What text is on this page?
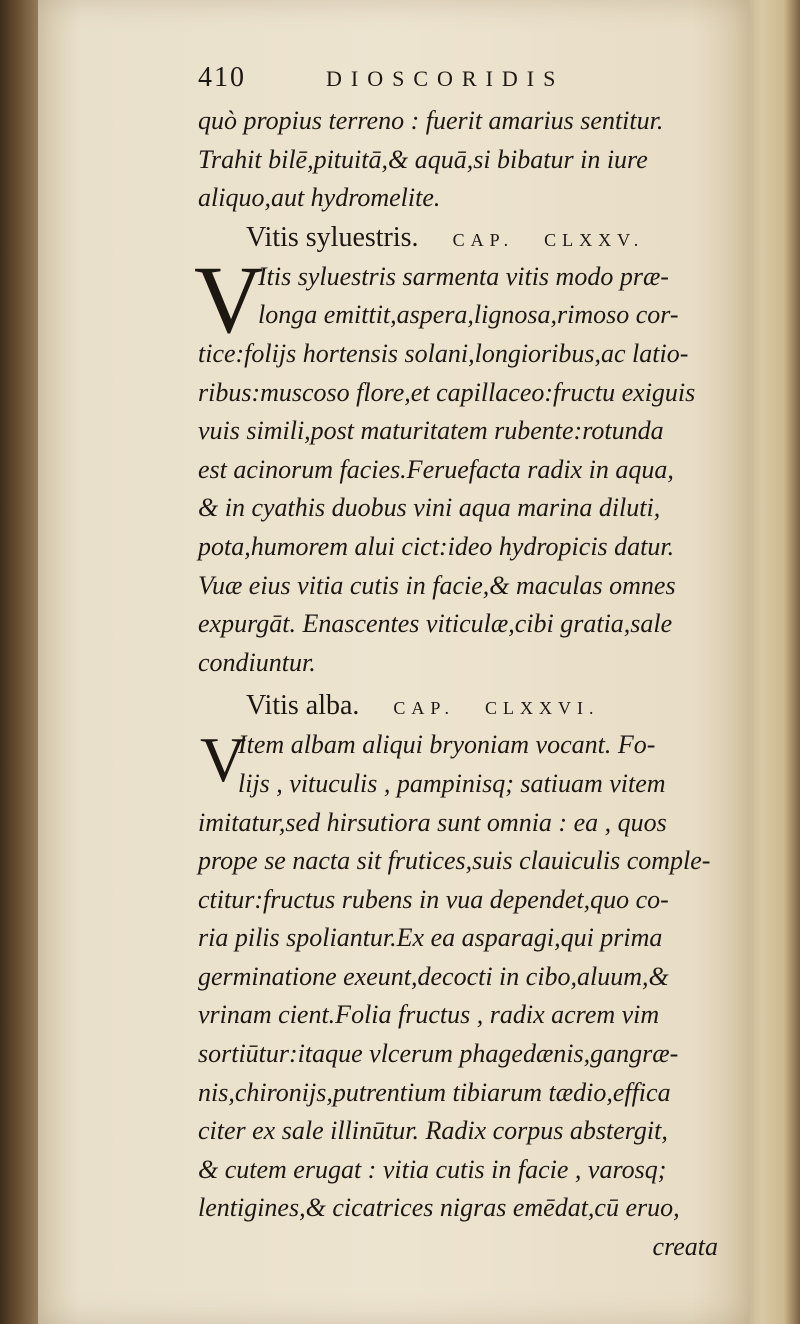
410	DIOSCORIDIS
quò propius terreno : fuerit amarius sentitur.
Trahit bilē,pituitā,& aquā,si bibatur in iure
aliquo,aut hydromelite.
Vitis syluestris. CAP. CLXXV.
V
Itis syluestris sarmenta vitis modo præ-
longa emittit,aspera,lignosa,rimoso cor-
tice:folijs hortensis solani,longioribus,ac latio-
ribus:muscoso flore,et capillaceo:fructu exiguis
vuis simili,post maturitatem rubente:rotunda
est acinorum facies.Feruefacta radix in aqua,
& in cyathis duobus vini aqua marina diluti,
pota,humorem alui cict:ideo hydropicis datur.
Vuæ eius vitia cutis in facie,& maculas omnes
expurgāt. Enascentes viticulæ,cibi gratia,sale
condiuntur.
Vitis alba. CAP. CLXXVI.
V
Item albam aliqui bryoniam vocant. Fo-
lijs , vituculis , pampinisq; satiuam vitem
imitatur,sed hirsutiora sunt omnia : ea , quos
prope se nacta sit frutices,suis clauiculis comple-
ctitur:fructus rubens in vua dependet,quo co-
ria pilis spoliantur.Ex ea asparagi,qui prima
germinatione exeunt,decocti in cibo,aluum,&
vrinam cient.Folia fructus , radix acrem vim
sortiūtur:itaque vlcerum phagedænis,gangræ-
nis,chironijs,putrentium tibiarum tædio,effica
citer ex sale illinūtur. Radix corpus abstergit,
& cutem erugat : vitia cutis in facie , varosq;
lentigines,& cicatrices nigras emēdat,cū eruo,
creata
